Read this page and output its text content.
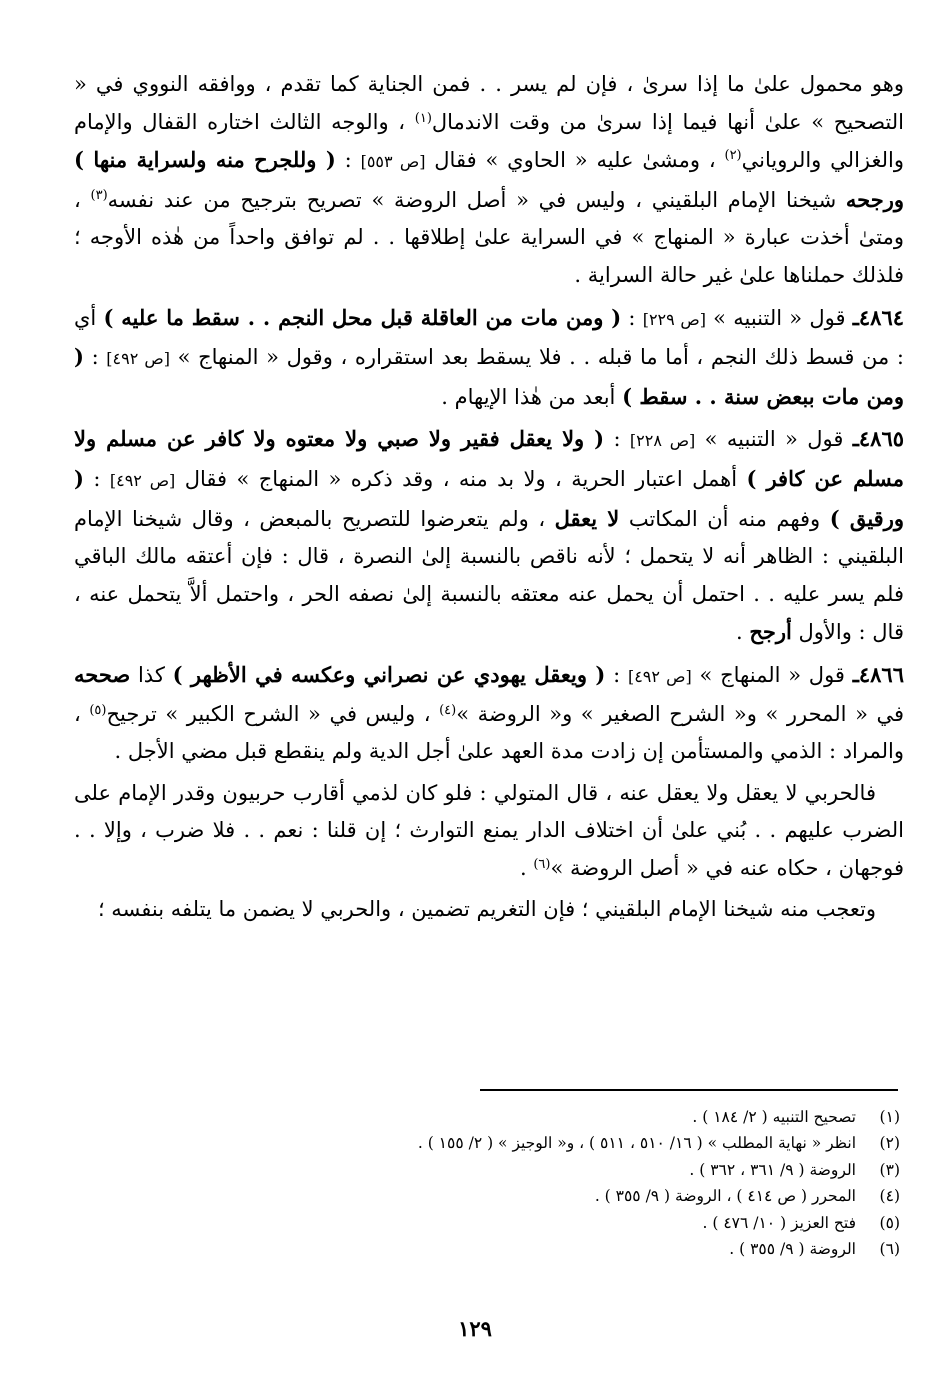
وهو محمول علىٰ ما إذا سرىٰ ، فإن لم يسر . . فمن الجناية كما تقدم ، ووافقه النووي في « التصحيح » علىٰ أنها فيما إذا سرىٰ من وقت الاندمال$^{(١)}$ ، والوجه الثالث اختاره القفال والإمام والغزالي والروياني$^{(٢)}$ ، ومشىٰ عليه « الحاوي » فقال [ص ٥٥٣] : ( وللجرح منه ولسراية منها ) ورجحه شيخنا الإمام البلقيني ، وليس في « أصل الروضة » تصريح بترجيح من عند نفسه$^{(٣)}$ ، ومتىٰ أخذت عبارة « المنهاج » في السراية علىٰ إطلاقها . . لم توافق واحداً من هٰذه الأوجه ؛ فلذلك حملناها علىٰ غير حالة السراية .

٤٨٦٤ـ قول « التنبيه » [ص ٢٢٩] : ( ومن مات من العاقلة قبل محل النجم . . سقط ما عليه ) أي : من قسط ذلك النجم ، أما ما قبله . . فلا يسقط بعد استقراره ، وقول « المنهاج » [ص ٤٩٢] : ( ومن مات ببعض سنة . . سقط ) أبعد من هٰذا الإيهام .

٤٨٦٥ـ قول « التنبيه » [ص ٢٢٨] : ( ولا يعقل فقير ولا صبي ولا معتوه ولا كافر عن مسلم ولا مسلم عن كافر ) أهمل اعتبار الحرية ، ولا بد منه ، وقد ذكره « المنهاج » فقال [ص ٤٩٢] : ( ورقيق ) وفهم منه أن المكاتب لا يعقل ، ولم يتعرضوا للتصريح بالمبعض ، وقال شيخنا الإمام البلقيني : الظاهر أنه لا يتحمل ؛ لأنه ناقص بالنسبة إلىٰ النصرة ، قال : فإن أعتقه مالك الباقي فلم يسر عليه . . احتمل أن يحمل عنه معتقه بالنسبة إلىٰ نصفه الحر ، واحتمل ألاَّ يتحمل عنه ، قال : والأول أرجح .

٤٨٦٦ـ قول « المنهاج » [ص ٤٩٢] : ( ويعقل يهودي عن نصراني وعكسه في الأظهر ) كذا صححه في « المحرر » و« الشرح الصغير » و« الروضة »$^{(٤)}$ ، وليس في « الشرح الكبير » ترجيح$^{(٥)}$ ، والمراد : الذمي والمستأمن إن زادت مدة العهد علىٰ أجل الدية ولم ينقطع قبل مضي الأجل .

فالحربي لا يعقل ولا يعقل عنه ، قال المتولي : فلو كان لذمي أقارب حربيون وقدر الإمام على الضرب عليهم . . بُني علىٰ أن اختلاف الدار يمنع التوارث ؛ إن قلنا : نعم . . فلا ضرب ، وإلا . . فوجهان ، حكاه عنه في « أصل الروضة »$^{(٦)}$ .

وتعجب منه شيخنا الإمام البلقيني ؛ فإن التغريم تضمين ، والحربي لا يضمن ما يتلفه بنفسه ؛

(١)تصحيح التنبيه ( ٢/ ١٨٤ ) .
(٢)انظر « نهاية المطلب » ( ١٦/ ٥١٠ ، ٥١١ ) ، و« الوجيز » ( ٢/ ١٥٥ ) .
(٣)الروضة ( ٩/ ٣٦١ ، ٣٦٢ ) .
(٤)المحرر ( ص ٤١٤ ) ، الروضة ( ٩/ ٣٥٥ ) .
(٥)فتح العزيز ( ١٠/ ٤٧٦ ) .
(٦)الروضة ( ٩/ ٣٥٥ ) .
١٢٩
